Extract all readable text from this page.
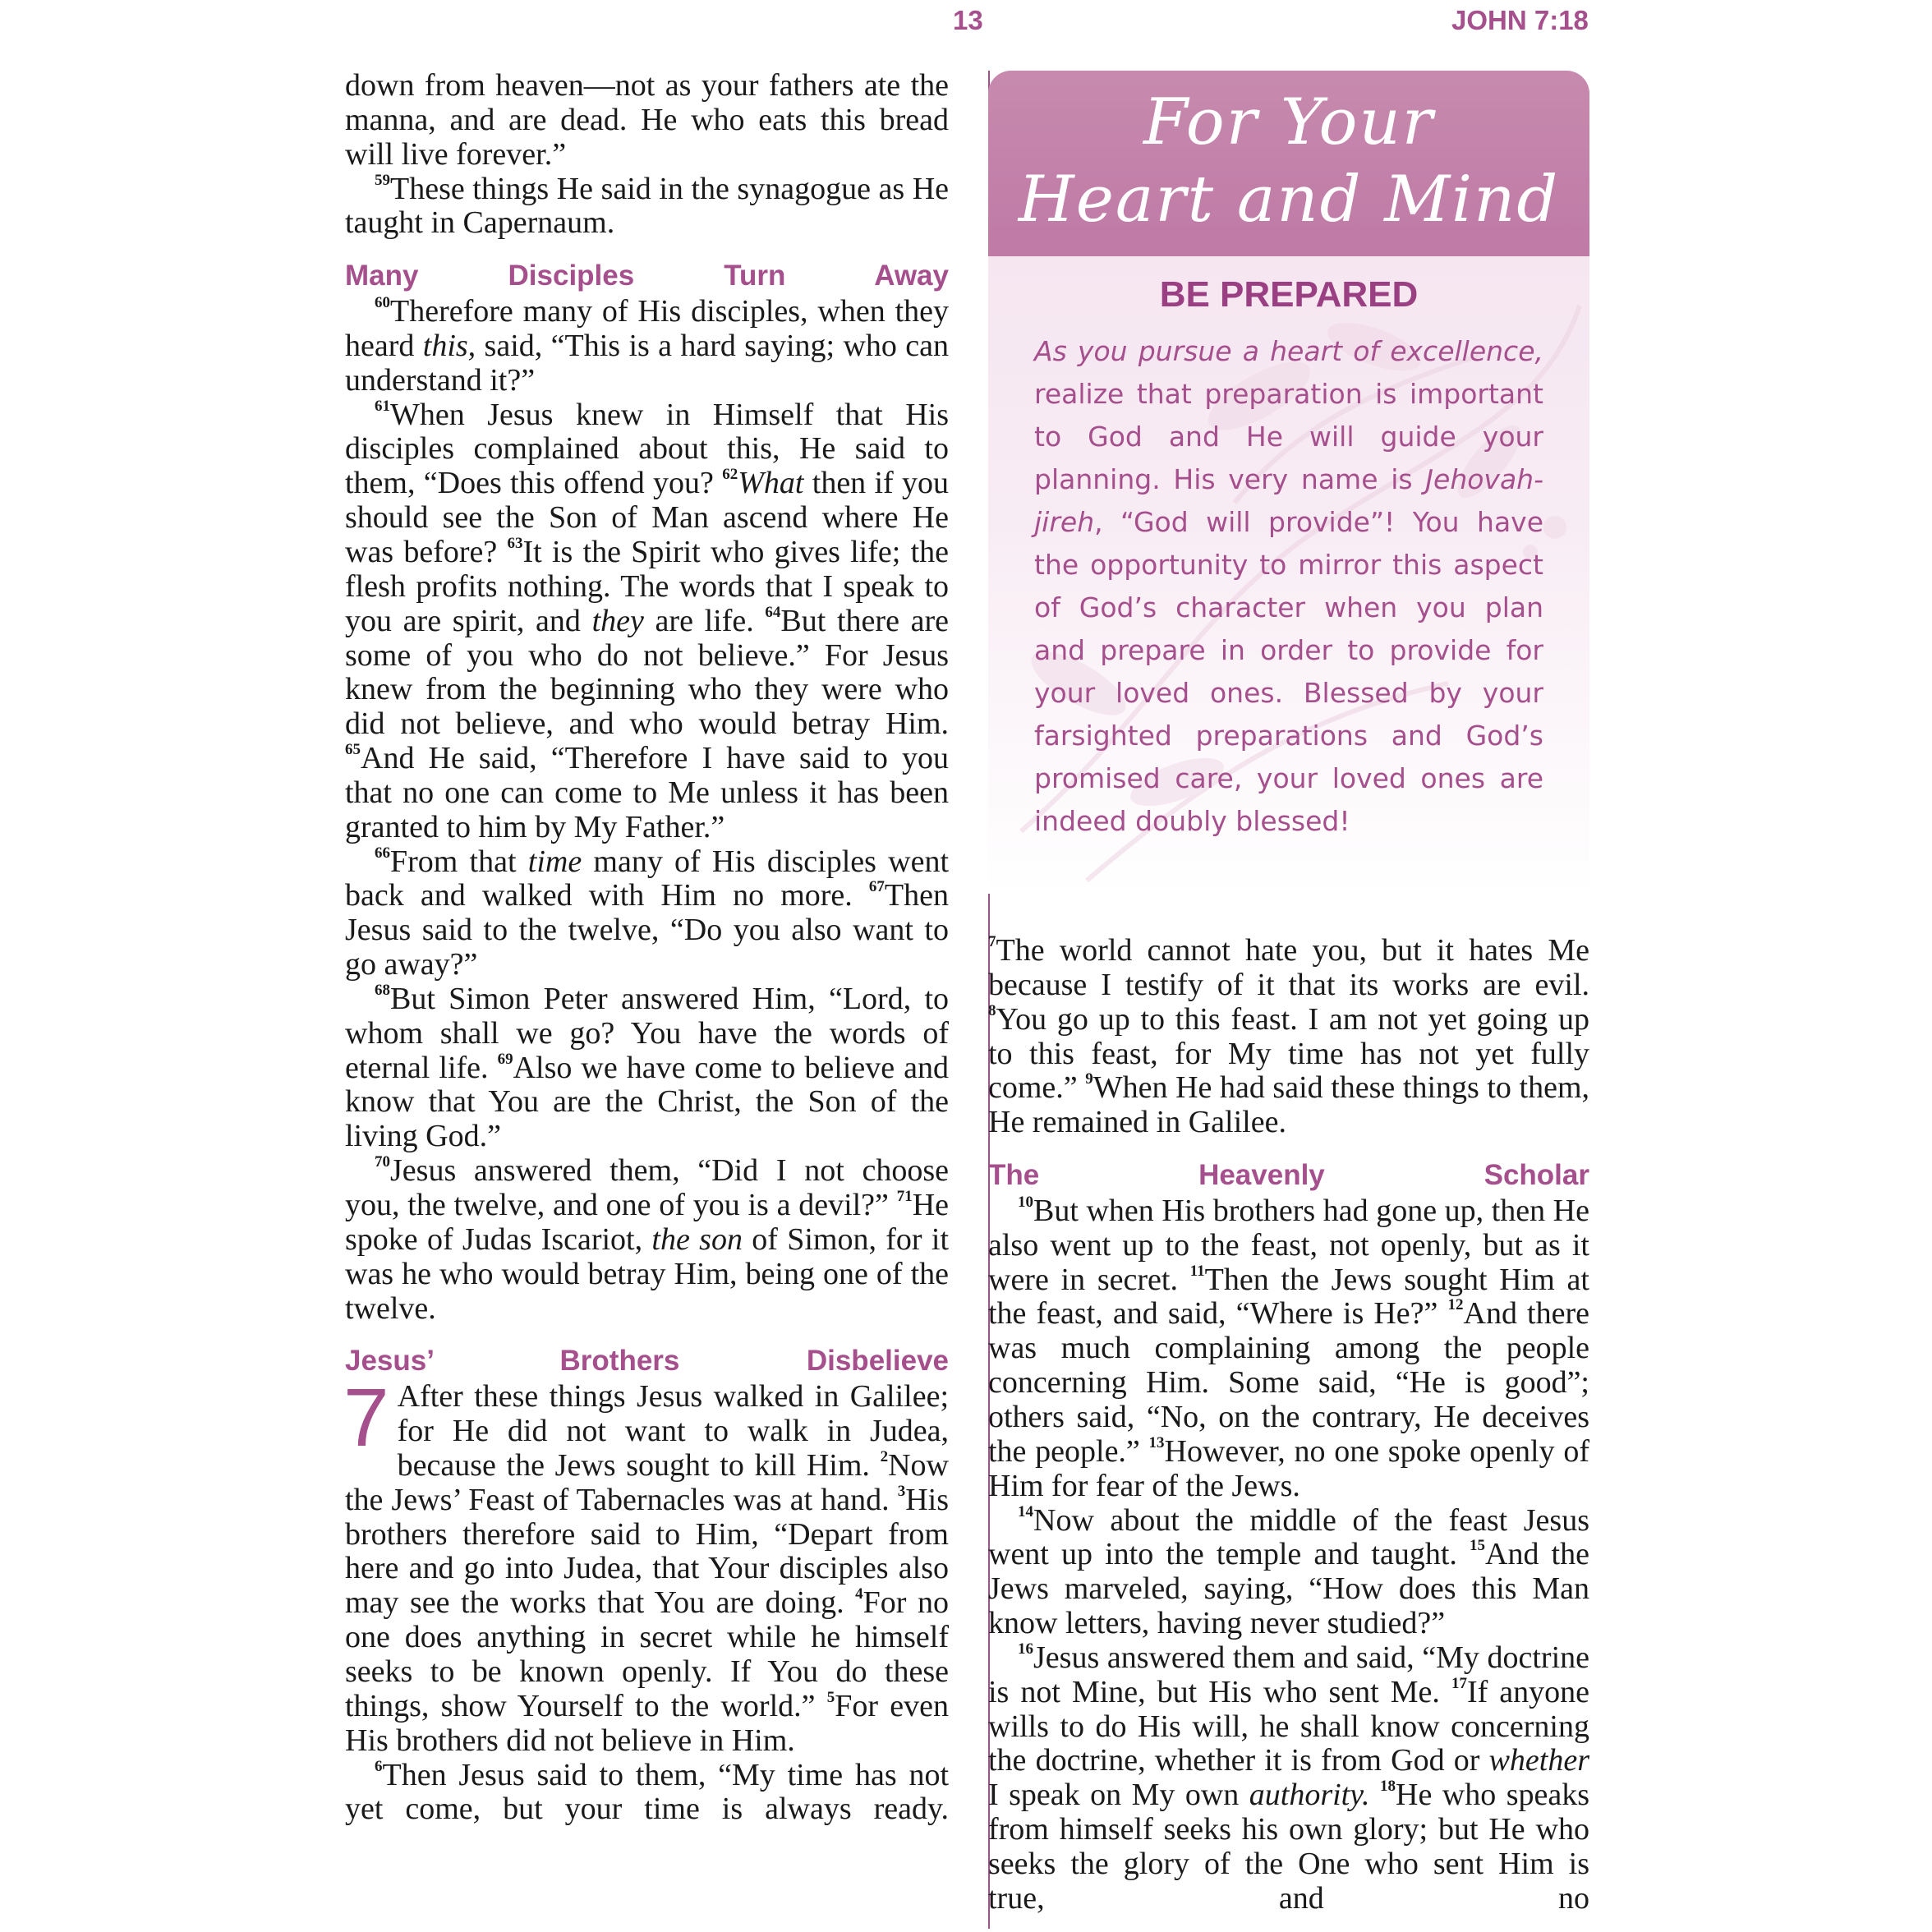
13	JOHN 7:18

down from heaven—not as your fathers ate the manna, and are dead. He who eats this bread will live forever.”

$^{59}$These things He said in the synagogue as He taught in Capernaum.

Many Disciples Turn Away

$^{60}$Therefore many of His disciples, when they heard this, said, “This is a hard saying; who can understand it?”

$^{61}$When Jesus knew in Himself that His disciples complained about this, He said to them, “Does this offend you? $^{62}$What then if you should see the Son of Man ascend where He was before? $^{63}$It is the Spirit who gives life; the flesh profits nothing. The words that I speak to you are spirit, and they are life. $^{64}$But there are some of you who do not believe.” For Jesus knew from the beginning who they were who did not believe, and who would betray Him. $^{65}$And He said, “Therefore I have said to you that no one can come to Me unless it has been granted to him by My Father.”

$^{66}$From that time many of His disciples went back and walked with Him no more. $^{67}$Then Jesus said to the twelve, “Do you also want to go away?”

$^{68}$But Simon Peter answered Him, “Lord, to whom shall we go? You have the words of eternal life. $^{69}$Also we have come to believe and know that You are the Christ, the Son of the living God.”

$^{70}$Jesus answered them, “Did I not choose you, the twelve, and one of you is a devil?” $^{71}$He spoke of Judas Iscariot, the son of Simon, for it was he who would betray Him, being one of the twelve.

Jesus’ Brothers Disbelieve

7 After these things Jesus walked in Galilee; for He did not want to walk in Judea, because the Jews sought to kill Him. $^2$Now the Jews’ Feast of Tabernacles was at hand. $^3$His brothers therefore said to Him, “Depart from here and go into Judea, that Your disciples also may see the works that You are doing. $^4$For no one does anything in secret while he himself seeks to be known openly. If You do these things, show Yourself to the world.” $^5$For even His brothers did not believe in Him.

$^6$Then Jesus said to them, “My time has not yet come, but your time is always ready.

For Your
Heart and Mind

BE PREPARED

As you pursue a heart of excellence, realize that preparation is important to God and He will guide your planning. His very name is Jehovah-jireh, “God will provide”! You have the opportunity to mirror this aspect of God’s character when you plan and prepare in order to provide for your loved ones. Blessed by your farsighted preparations and God’s promised care, your loved ones are indeed doubly blessed!

$^7$The world cannot hate you, but it hates Me because I testify of it that its works are evil. $^8$You go up to this feast. I am not yet going up to this feast, for My time has not yet fully come.” $^9$When He had said these things to them, He remained in Galilee.

The Heavenly Scholar

$^{10}$But when His brothers had gone up, then He also went up to the feast, not openly, but as it were in secret. $^{11}$Then the Jews sought Him at the feast, and said, “Where is He?” $^{12}$And there was much complaining among the people concerning Him. Some said, “He is good”; others said, “No, on the contrary, He deceives the people.” $^{13}$However, no one spoke openly of Him for fear of the Jews.

$^{14}$Now about the middle of the feast Jesus went up into the temple and taught. $^{15}$And the Jews marveled, saying, “How does this Man know letters, having never studied?”

$^{16}$Jesus answered them and said, “My doctrine is not Mine, but His who sent Me. $^{17}$If anyone wills to do His will, he shall know concerning the doctrine, whether it is from God or whether I speak on My own authority. $^{18}$He who speaks from himself seeks his own glory; but He who seeks the glory of the One who sent Him is true, and no
